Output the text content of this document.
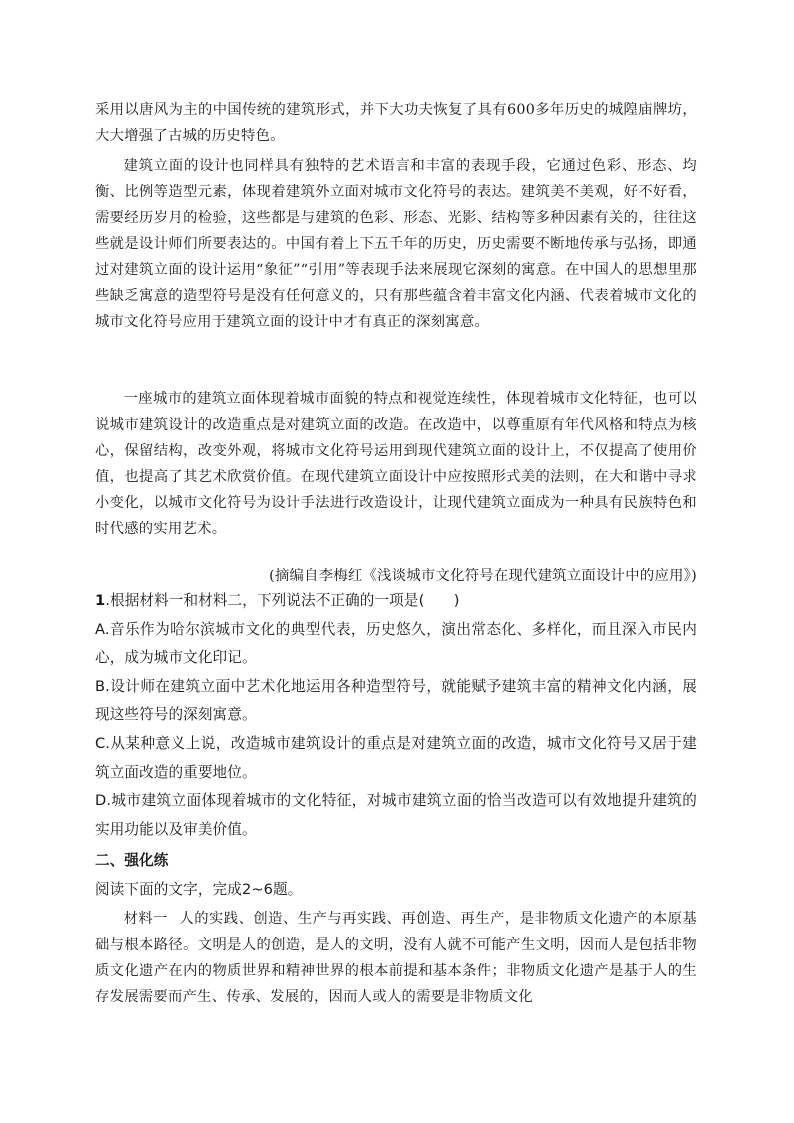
采用以唐风为主的中国传统的建筑形式，并下大功夫恢复了具有600多年历史的城隍庙牌坊，大大增强了古城的历史特色。

建筑立面的设计也同样具有独特的艺术语言和丰富的表现手段，它通过色彩、形态、均衡、比例等造型元素，体现着建筑外立面对城市文化符号的表达。建筑美不美观，好不好看，需要经历岁月的检验，这些都是与建筑的色彩、形态、光影、结构等多种因素有关的，往往这些就是设计师们所要表达的。中国有着上下五千年的历史，历史需要不断地传承与弘扬，即通过对建筑立面的设计运用“象征”“引用”等表现手法来展现它深刻的寓意。在中国人的思想里那些缺乏寓意的造型符号是没有任何意义的，只有那些蕴含着丰富文化内涵、代表着城市文化的城市文化符号应用于建筑立面的设计中才有真正的深刻寓意。

一座城市的建筑立面体现着城市面貌的特点和视觉连续性，体现着城市文化特征，也可以说城市建筑设计的改造重点是对建筑立面的改造。在改造中，以尊重原有年代风格和特点为核心，保留结构，改变外观，将城市文化符号运用到现代建筑立面的设计上，不仅提高了使用价值，也提高了其艺术欣赏价值。在现代建筑立面设计中应按照形式美的法则，在大和谐中寻求小变化，以城市文化符号为设计手法进行改造设计，让现代建筑立面成为一种具有民族特色和时代感的实用艺术。

(摘编自李梅红《浅谈城市文化符号在现代建筑立面设计中的应用》)

1.根据材料一和材料二，下列说法不正确的一项是(　　)

A.音乐作为哈尔滨城市文化的典型代表，历史悠久，演出常态化、多样化，而且深入市民内心，成为城市文化印记。

B.设计师在建筑立面中艺术化地运用各种造型符号，就能赋予建筑丰富的精神文化内涵，展现这些符号的深刻寓意。

C.从某种意义上说，改造城市建筑设计的重点是对建筑立面的改造，城市文化符号又居于建筑立面改造的重要地位。

D.城市建筑立面体现着城市的文化特征，对城市建筑立面的恰当改造可以有效地提升建筑的实用功能以及审美价值。

二、强化练

阅读下面的文字，完成2~6题。

材料一 人的实践、创造、生产与再实践、再创造、再生产，是非物质文化遗产的本原基础与根本路径。文明是人的创造，是人的文明，没有人就不可能产生文明，因而人是包括非物质文化遗产在内的物质世界和精神世界的根本前提和基本条件；非物质文化遗产是基于人的生存发展需要而产生、传承、发展的，因而人或人的需要是非物质文化
